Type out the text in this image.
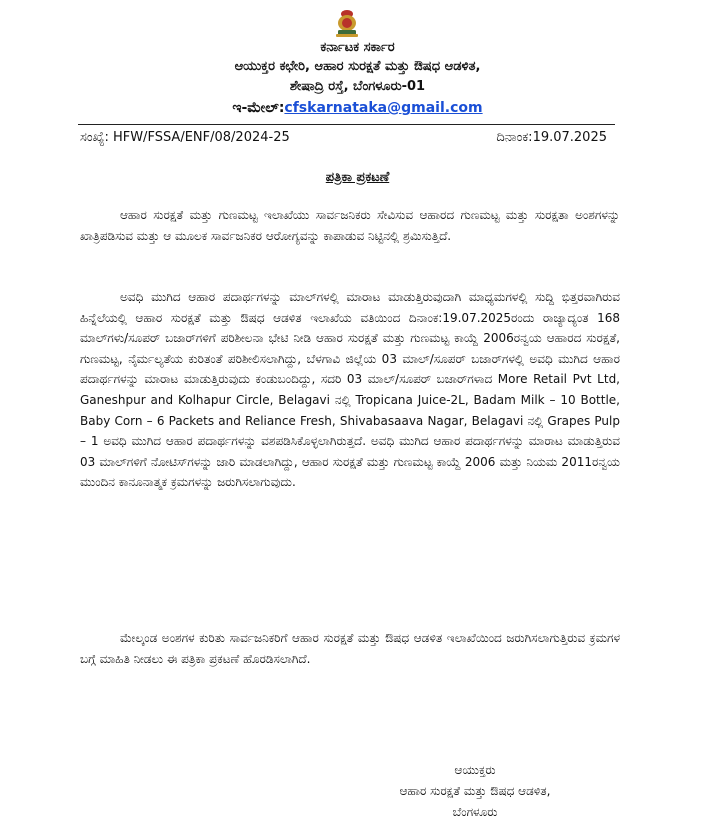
ಕರ್ನಾಟಕ ಸರ್ಕಾರ
ಆಯುಕ್ತರ ಕಛೇರಿ, ಆಹಾರ ಸುರಕ್ಷತೆ ಮತ್ತು ಔಷಧ ಆಡಳಿತ,
ಶೇಷಾದ್ರಿ ರಸ್ತೆ, ಬೆಂಗಳೂರು-01
ಇ-ಮೇಲ್:cfskarnataka@gmail.com
ಸಂಖ್ಯೆ: HFW/FSSA/ENF/08/2024-25	ದಿನಾಂಕ:19.07.2025
ಪತ್ರಿಕಾ ಪ್ರಕಟಣೆ

ಆಹಾರ ಸುರಕ್ಷತೆ ಮತ್ತು ಗುಣಮಟ್ಟ ಇಲಾಖೆಯು ಸಾರ್ವಜನಿಕರು ಸೇವಿಸುವ ಆಹಾರದ ಗುಣಮಟ್ಟ ಮತ್ತು ಸುರಕ್ಷತಾ ಅಂಶಗಳನ್ನು ಖಾತ್ರಿಪಡಿಸುವ ಮತ್ತು ಆ ಮೂಲಕ ಸಾರ್ವಜನಿಕರ ಆರೋಗ್ಯವನ್ನು ಕಾಪಾಡುವ ನಿಟ್ಟಿನಲ್ಲಿ ಶ್ರಮಿಸುತ್ತಿದೆ.

ಅವಧಿ ಮುಗಿದ ಆಹಾರ ಪದಾರ್ಥಗಳನ್ನು ಮಾಲ್‌ಗಳಲ್ಲಿ ಮಾರಾಟ ಮಾಡುತ್ತಿರುವುದಾಗಿ ಮಾಧ್ಯಮಗಳಲ್ಲಿ ಸುದ್ದಿ ಭಿತ್ತರವಾಗಿರುವ ಹಿನ್ನೆಲೆಯಲ್ಲಿ ಆಹಾರ ಸುರಕ್ಷತೆ ಮತ್ತು ಔಷಧ ಆಡಳಿತ ಇಲಾಖೆಯ ವತಿಯಿಂದ ದಿನಾಂಕ:19.07.2025ರಂದು ರಾಜ್ಯಾದ್ಯಂತ 168 ಮಾಲ್‌ಗಳು/ಸೂಪರ್ ಬಜಾರ್‌ಗಳಿಗೆ ಪರಿಶೀಲನಾ ಭೇಟಿ ನೀಡಿ ಆಹಾರ ಸುರಕ್ಷತೆ ಮತ್ತು ಗುಣಮಟ್ಟ ಕಾಯ್ದೆ 2006ರನ್ವಯ ಆಹಾರದ ಸುರಕ್ಷತೆ, ಗುಣಮಟ್ಟ, ನೈರ್ಮಲ್ಯತೆಯ ಕುರಿತಂತೆ ಪರಿಶೀಲಿಸಲಾಗಿದ್ದು, ಬೆಳಗಾವಿ ಜಿಲ್ಲೆಯ 03 ಮಾಲ್/ಸೂಪರ್ ಬಜಾರ್‌ಗಳಲ್ಲಿ ಅವಧಿ ಮುಗಿದ ಆಹಾರ ಪದಾರ್ಥಗಳನ್ನು ಮಾರಾಟ ಮಾಡುತ್ತಿರುವುದು ಕಂಡುಬಂದಿದ್ದು, ಸದರಿ 03 ಮಾಲ್/ಸೂಪರ್ ಬಜಾರ್‌ಗಳಾದ More Retail Pvt Ltd, Ganeshpur and Kolhapur Circle, Belagavi ನಲ್ಲಿ Tropicana Juice-2L, Badam Milk – 10 Bottle, Baby Corn – 6 Packets and Reliance Fresh, Shivabasaava Nagar, Belagavi ನಲ್ಲಿ Grapes Pulp – 1 ಅವಧಿ ಮುಗಿದ ಆಹಾರ ಪದಾರ್ಥಗಳನ್ನು ವಶಪಡಿಸಿಕೊಳ್ಳಲಾಗಿರುತ್ತದೆ. ಅವಧಿ ಮುಗಿದ ಆಹಾರ ಪದಾರ್ಥಗಳನ್ನು ಮಾರಾಟ ಮಾಡುತ್ತಿರುವ 03 ಮಾಲ್‌ಗಳಿಗೆ ನೋಟಿಸ್‌ಗಳನ್ನು ಜಾರಿ ಮಾಡಲಾಗಿದ್ದು, ಆಹಾರ ಸುರಕ್ಷತೆ ಮತ್ತು ಗುಣಮಟ್ಟ ಕಾಯ್ದೆ 2006 ಮತ್ತು ನಿಯಮ 2011ರನ್ವಯ ಮುಂದಿನ ಕಾನೂನಾತ್ಮಕ ಕ್ರಮಗಳನ್ನು ಜರುಗಿಸಲಾಗುವುದು.

ಮೇಲ್ಕಂಡ ಅಂಶಗಳ ಕುರಿತು ಸಾರ್ವಜನಿಕರಿಗೆ ಆಹಾರ ಸುರಕ್ಷತೆ ಮತ್ತು ಔಷಧ ಆಡಳಿತ ಇಲಾಖೆಯಿಂದ ಜರುಗಿಸಲಾಗುತ್ತಿರುವ ಕ್ರಮಗಳ ಬಗ್ಗೆ ಮಾಹಿತಿ ನೀಡಲು ಈ ಪತ್ರಿಕಾ ಪ್ರಕಟಣೆ ಹೊರಡಿಸಲಾಗಿದೆ.

ಆಯುಕ್ತರು
ಆಹಾರ ಸುರಕ್ಷತೆ ಮತ್ತು ಔಷಧ ಆಡಳಿತ,
ಬೆಂಗಳೂರು
